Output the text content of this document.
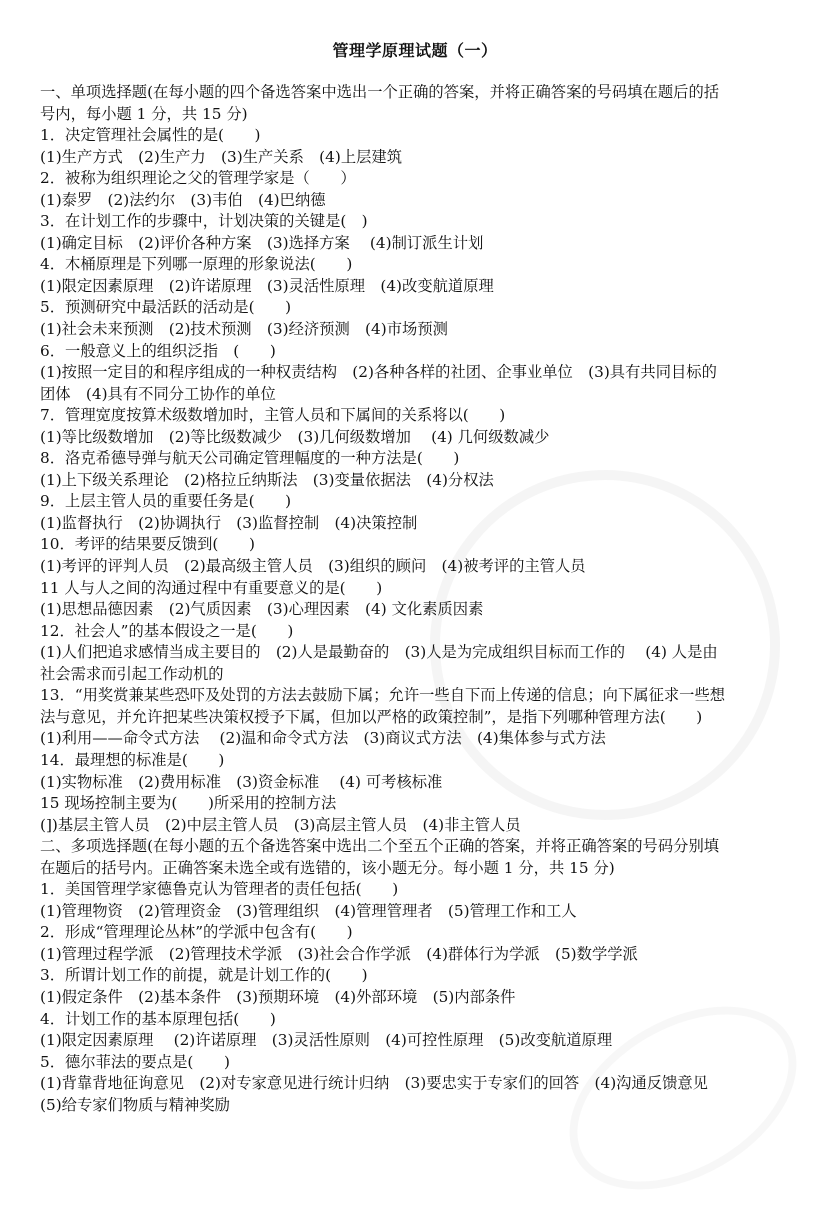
管理学原理试题（一）
一、单项选择题(在每小题的四个备选答案中选出一个正确的答案，并将正确答案的号码填在题后的括
号内，每小题 1 分，共 15 分)
1．决定管理社会属性的是(　　)
(1)生产方式　(2)生产力　(3)生产关系　(4)上层建筑
2．被称为组织理论之父的管理学家是（　　）
(1)泰罗　(2)法约尔　(3)韦伯　(4)巴纳德
3．在计划工作的步骤中，计划决策的关键是(　)
(1)确定目标　(2)评价各种方案　(3)选择方案　 (4)制订派生计划
4．木桶原理是下列哪一原理的形象说法(　　)
(1)限定因素原理　(2)许诺原理　(3)灵活性原理　(4)改变航道原理
5．预测研究中最活跃的活动是(　　)
(1)社会未来预测　(2)技术预测　(3)经济预测　(4)市场预测
6．一般意义上的组织泛指　(　　)
(1)按照一定目的和程序组成的一种权责结构　(2)各种各样的社团、企事业单位　(3)具有共同目标的
团体　(4)具有不同分工协作的单位
7．管理宽度按算术级数增加时，主管人员和下属间的关系将以(　　)
(1)等比级数增加　(2)等比级数减少　(3)几何级数增加　 (4) 几何级数减少
8．洛克希德导弹与航天公司确定管理幅度的一种方法是(　　)
(1)上下级关系理论　(2)格拉丘纳斯法　(3)变量依据法　(4)分权法
9．上层主管人员的重要任务是(　　)
(1)监督执行　(2)协调执行　(3)监督控制　(4)决策控制
10．考评的结果要反馈到(　　)
(1)考评的评判人员　(2)最高级主管人员　(3)组织的顾问　(4)被考评的主管人员
11 人与人之间的沟通过程中有重要意义的是(　　)
(1)思想品德因素　(2)气质因素　(3)心理因素　(4) 文化素质因素
12．社会人”的基本假设之一是(　　)
(1)人们把追求感情当成主要目的　(2)人是最勤奋的　(3)人是为完成组织目标而工作的　 (4) 人是由
社会需求而引起工作动机的
13．“用奖赏兼某些恐吓及处罚的方法去鼓励下属；允许一些自下而上传递的信息；向下属征求一些想
法与意见，并允许把某些决策权授予下属，但加以严格的政策控制”，是指下列哪种管理方法(　　)
(1)利用——命令式方法　 (2)温和命令式方法　(3)商议式方法　(4)集体参与式方法
14．最理想的标准是(　　)
(1)实物标准　(2)费用标准　(3)资金标准　 (4) 可考核标准
15 现场控制主要为(　　)所采用的控制方法
(])基层主管人员　(2)中层主管人员　(3)高层主管人员　(4)非主管人员
二、多项选择题(在每小题的五个备选答案中选出二个至五个正确的答案，并将正确答案的号码分别填
在题后的括号内。正确答案未选全或有选错的，该小题无分。每小题 1 分，共 15 分)
1．美国管理学家德鲁克认为管理者的责任包括(　　)
(1)管理物资　(2)管理资金　(3)管理组织　(4)管理管理者　(5)管理工作和工人
2．形成“管理理论丛林”的学派中包含有(　　)
(1)管理过程学派　(2)管理技术学派　(3)社会合作学派　(4)群体行为学派　(5)数学学派
3．所谓计划工作的前提，就是计划工作的(　　)
(1)假定条件　(2)基本条件　(3)预期环境　(4)外部环境　(5)内部条件
4．计划工作的基本原理包括(　　)
(1)限定因素原理　 (2)许诺原理　(3)灵活性原则　(4)可控性原理　(5)改变航道原理
5．德尔菲法的要点是(　　)
(1)背靠背地征询意见　(2)对专家意见进行统计归纳　(3)要忠实于专家们的回答　(4)沟通反馈意见
(5)给专家们物质与精神奖励
